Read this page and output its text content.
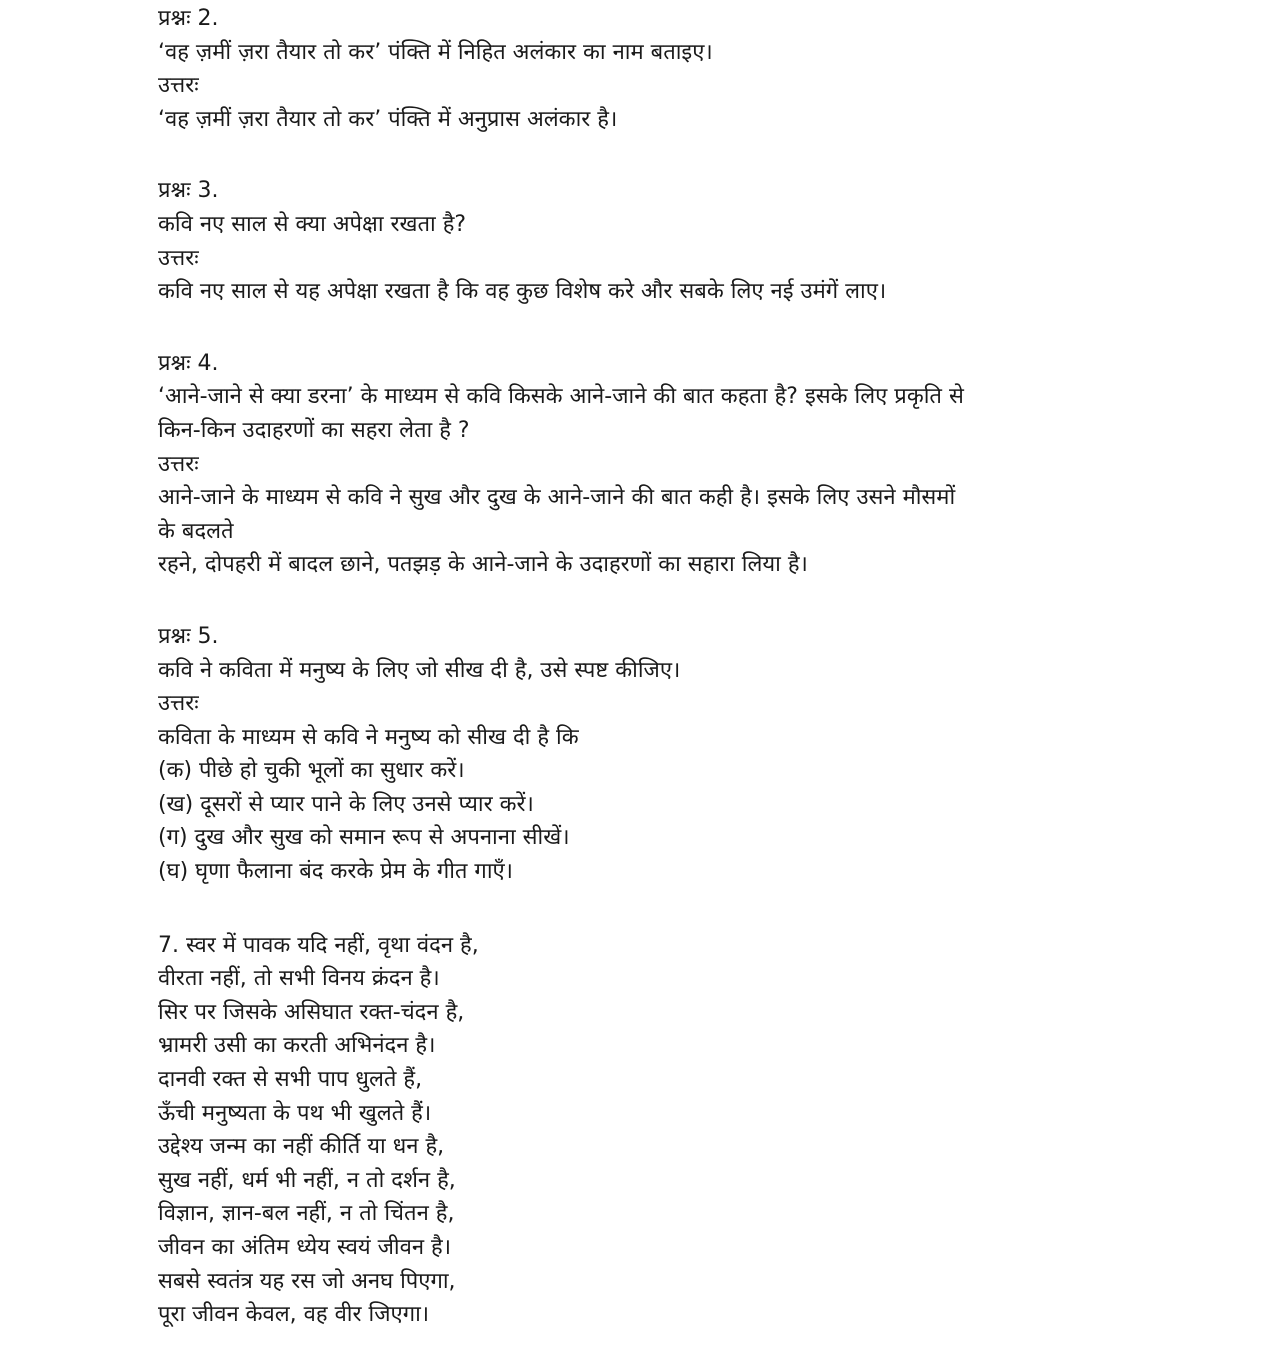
प्रश्नः 2.
‘वह ज़मीं ज़रा तैयार तो कर’ पंक्ति में निहित अलंकार का नाम बताइए।
उत्तरः
‘वह ज़मीं ज़रा तैयार तो कर’ पंक्ति में अनुप्रास अलंकार है।
प्रश्नः 3.
कवि नए साल से क्या अपेक्षा रखता है?
उत्तरः
कवि नए साल से यह अपेक्षा रखता है कि वह कुछ विशेष करे और सबके लिए नई उमंगें लाए।
प्रश्नः 4.
‘आने-जाने से क्या डरना’ के माध्यम से कवि किसके आने-जाने की बात कहता है? इसके लिए प्रकृति से
किन-किन उदाहरणों का सहरा लेता है ?
उत्तरः
आने-जाने के माध्यम से कवि ने सुख और दुख के आने-जाने की बात कही है। इसके लिए उसने मौसमों
के बदलते
रहने, दोपहरी में बादल छाने, पतझड़ के आने-जाने के उदाहरणों का सहारा लिया है।
प्रश्नः 5.
कवि ने कविता में मनुष्य के लिए जो सीख दी है, उसे स्पष्ट कीजिए।
उत्तरः
कविता के माध्यम से कवि ने मनुष्य को सीख दी है कि
(क) पीछे हो चुकी भूलों का सुधार करें।
(ख) दूसरों से प्यार पाने के लिए उनसे प्यार करें।
(ग) दुख और सुख को समान रूप से अपनाना सीखें।
(घ) घृणा फैलाना बंद करके प्रेम के गीत गाएँ।
7. स्वर में पावक यदि नहीं, वृथा वंदन है,
वीरता नहीं, तो सभी विनय क्रंदन है।
सिर पर जिसके असिघात रक्त-चंदन है,
भ्रामरी उसी का करती अभिनंदन है।
दानवी रक्त से सभी पाप धुलते हैं,
ऊँची मनुष्यता के पथ भी खुलते हैं।
उद्देश्य जन्म का नहीं कीर्ति या धन है,
सुख नहीं, धर्म भी नहीं, न तो दर्शन है,
विज्ञान, ज्ञान-बल नहीं, न तो चिंतन है,
जीवन का अंतिम ध्येय स्वयं जीवन है।
सबसे स्वतंत्र यह रस जो अनघ पिएगा,
पूरा जीवन केवल, वह वीर जिएगा।
